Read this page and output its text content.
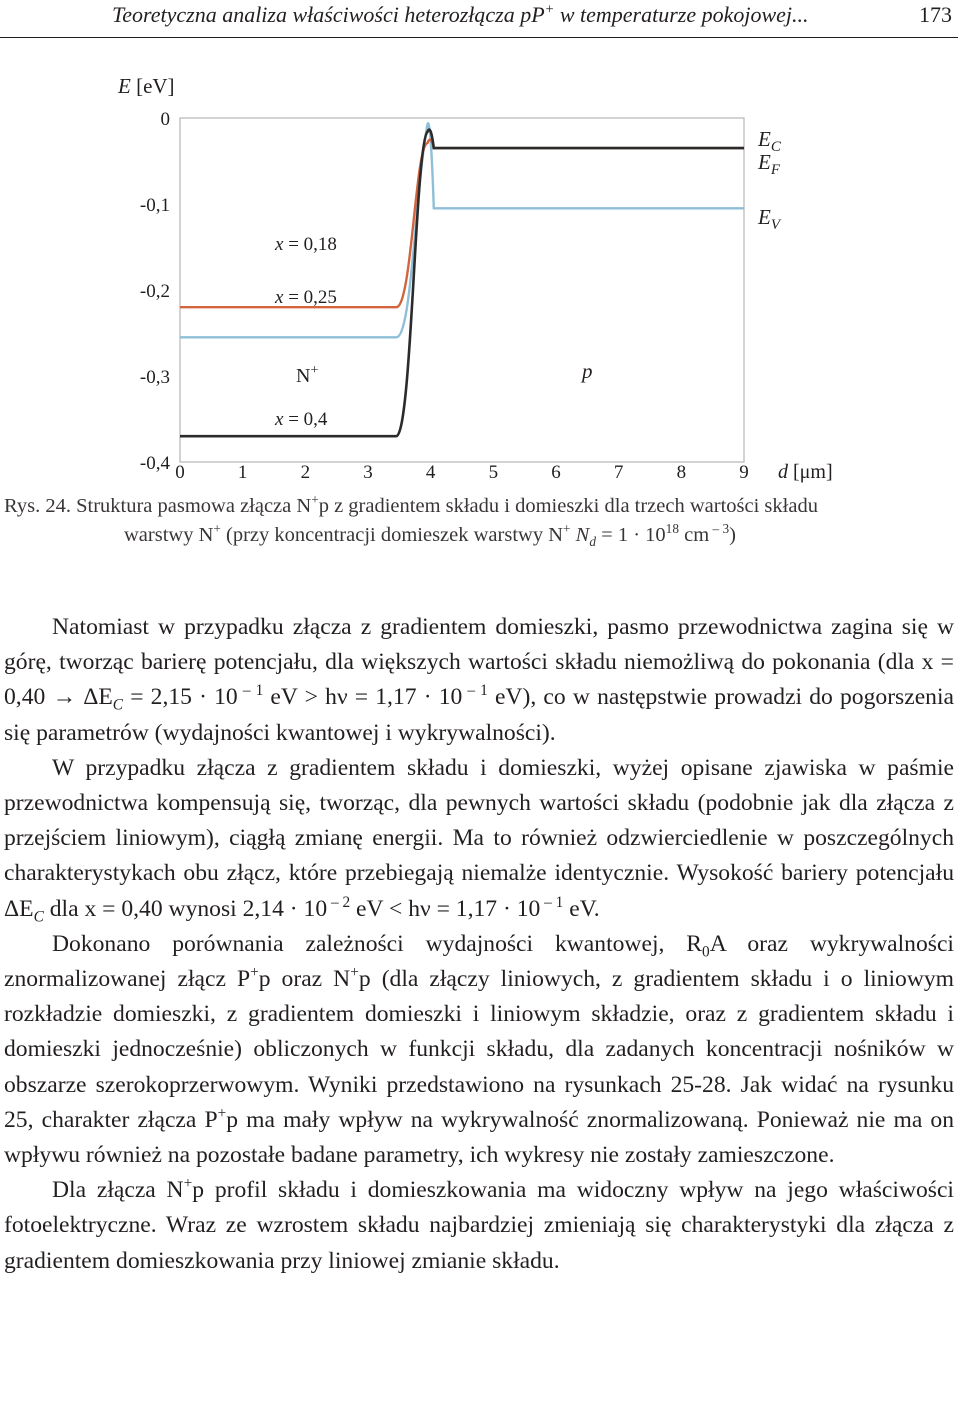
Teoretyczna analiza właściwości heterozłącza pP+ w temperaturze pokojowej...	173
E [eV]
0
-0,1
-0,2
-0,3
-0,4 0	1	2	3	4	5	6	7	8	9 d [μm]
$E_C$
$E_F$
$E_V$
x = 0,18
x = 0,25
x = 0,4
N+	p
Rys. 24. Struktura pasmowa złącza N+p z gradientem składu i domieszki dla trzech wartości składu
warstwy N+ (przy koncentracji domieszek warstwy N+ $N_d = 1 \cdot 10^{18}$ cm $^{- 3}$)

Natomiast w przypadku złącza z gradientem domieszki, pasmo przewodnictwa zagina się w górę, tworząc barierę potencjału, dla większych wartości składu niemożliwą do pokonania (dla $x = 0,40 \to \Delta E_C = 2,15 \cdot 10$ $^{- 1}$ eV > hν = 1,17 · 10 $^{- 1}$ eV), co w następstwie prowadzi do pogorszenia się parametrów (wydajności kwantowej i wykrywalności).

W przypadku złącza z gradientem składu i domieszki, wyżej opisane zjawiska w paśmie przewodnictwa kompensują się, tworząc, dla pewnych wartości składu (podobnie jak dla złącza z przejściem liniowym), ciągłą zmianę energii. Ma to również odzwierciedlenie w poszczególnych charakterystykach obu złącz, które przebiegają niemalże identycznie. Wysokość bariery potencjału $\Delta E_C$ dla x = 0,40 wynosi 2,14 · 10 $^{- 2}$ eV < hν = 1,17 · 10 $^{- 1}$ eV.

Dokonano porównania zależności wydajności kwantowej, $R_0A$ oraz wykrywalności znormalizowanej złącz P+p oraz N+p (dla złączy liniowych, z gradientem składu i o liniowym rozkładzie domieszki, z gradientem domieszki i liniowym składzie, oraz z gradientem składu i domieszki jednocześnie) obliczonych w funkcji składu, dla zadanych koncentracji nośników w obszarze szerokoprzerwowym. Wyniki przedstawiono na rysunkach 25-28. Jak widać na rysunku 25, charakter złącza P+p ma mały wpływ na wykrywalność znormalizowaną. Ponieważ nie ma on wpływu również na pozostałe badane parametry, ich wykresy nie zostały zamieszczone.

Dla złącza N+p profil składu i domieszkowania ma widoczny wpływ na jego właściwości fotoelektryczne. Wraz ze wzrostem składu najbardziej zmieniają się charakterystyki dla złącza z gradientem domieszkowania przy liniowej zmianie składu.
